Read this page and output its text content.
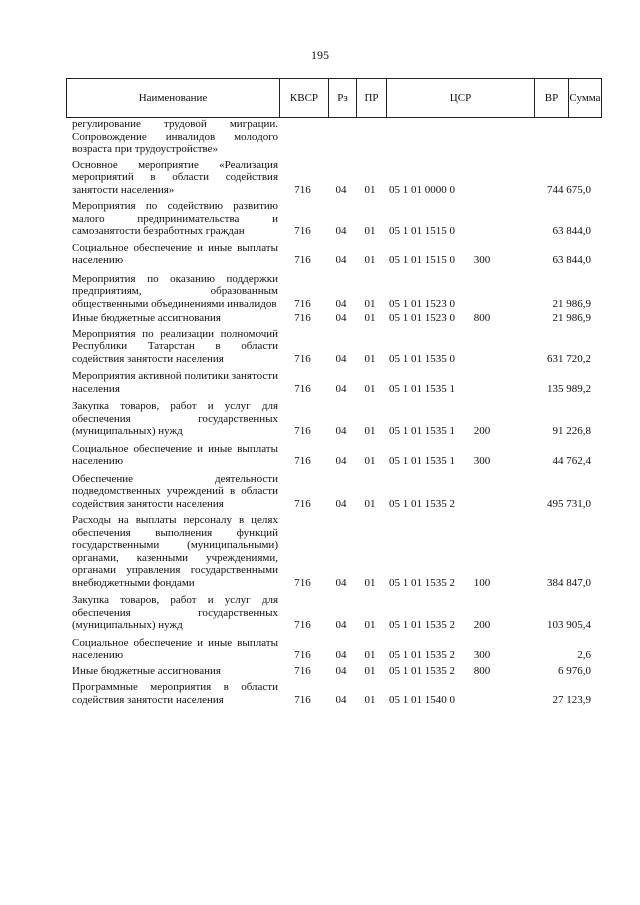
195
Наименование	КВСР	Рз	ПР	ЦСР	ВР	Сумма
регулирование трудовой миграции. Сопровождение инвалидов молодого возраста при трудоустройстве»
Основное мероприятие «Реализация мероприятий в области содействия занятости населения»	716	04	01	05 1 01 0000 0	744 675,0
Мероприятия по содействию развитию малого предпринимательства и самозанятости безработных граждан	716	04	01	05 1 01 1515 0	63 844,0
Социальное обеспечение и иные выплаты населению	716	04	01	05 1 01 1515 0	300	63 844,0
Мероприятия по оказанию поддержки предприятиям, образованным общественными объединениями инвалидов	716	04	01	05 1 01 1523 0	21 986,9
Иные бюджетные ассигнования	716	04	01	05 1 01 1523 0	800	21 986,9
Мероприятия по реализации полномочий Республики Татарстан в области содействия занятости населения	716	04	01	05 1 01 1535 0	631 720,2
Мероприятия активной политики занятости населения	716	04	01	05 1 01 1535 1	135 989,2
Закупка товаров, работ и услуг для обеспечения государственных (муниципальных) нужд	716	04	01	05 1 01 1535 1	200	91 226,8
Социальное обеспечение и иные выплаты населению	716	04	01	05 1 01 1535 1	300	44 762,4
Обеспечение деятельности подведомственных учреждений в области содействия занятости населения	716	04	01	05 1 01 1535 2	495 731,0
Расходы на выплаты персоналу в целях обеспечения выполнения функций государственными (муниципальными) органами, казенными учреждениями, органами управления государственными внебюджетными фондами	716	04	01	05 1 01 1535 2	100	384 847,0
Закупка товаров, работ и услуг для обеспечения государственных (муниципальных) нужд	716	04	01	05 1 01 1535 2	200	103 905,4
Социальное обеспечение и иные выплаты населению	716	04	01	05 1 01 1535 2	300	2,6
Иные бюджетные ассигнования	716	04	01	05 1 01 1535 2	800	6 976,0
Программные мероприятия в области содействия занятости населения	716	04	01	05 1 01 1540 0	27 123,9
